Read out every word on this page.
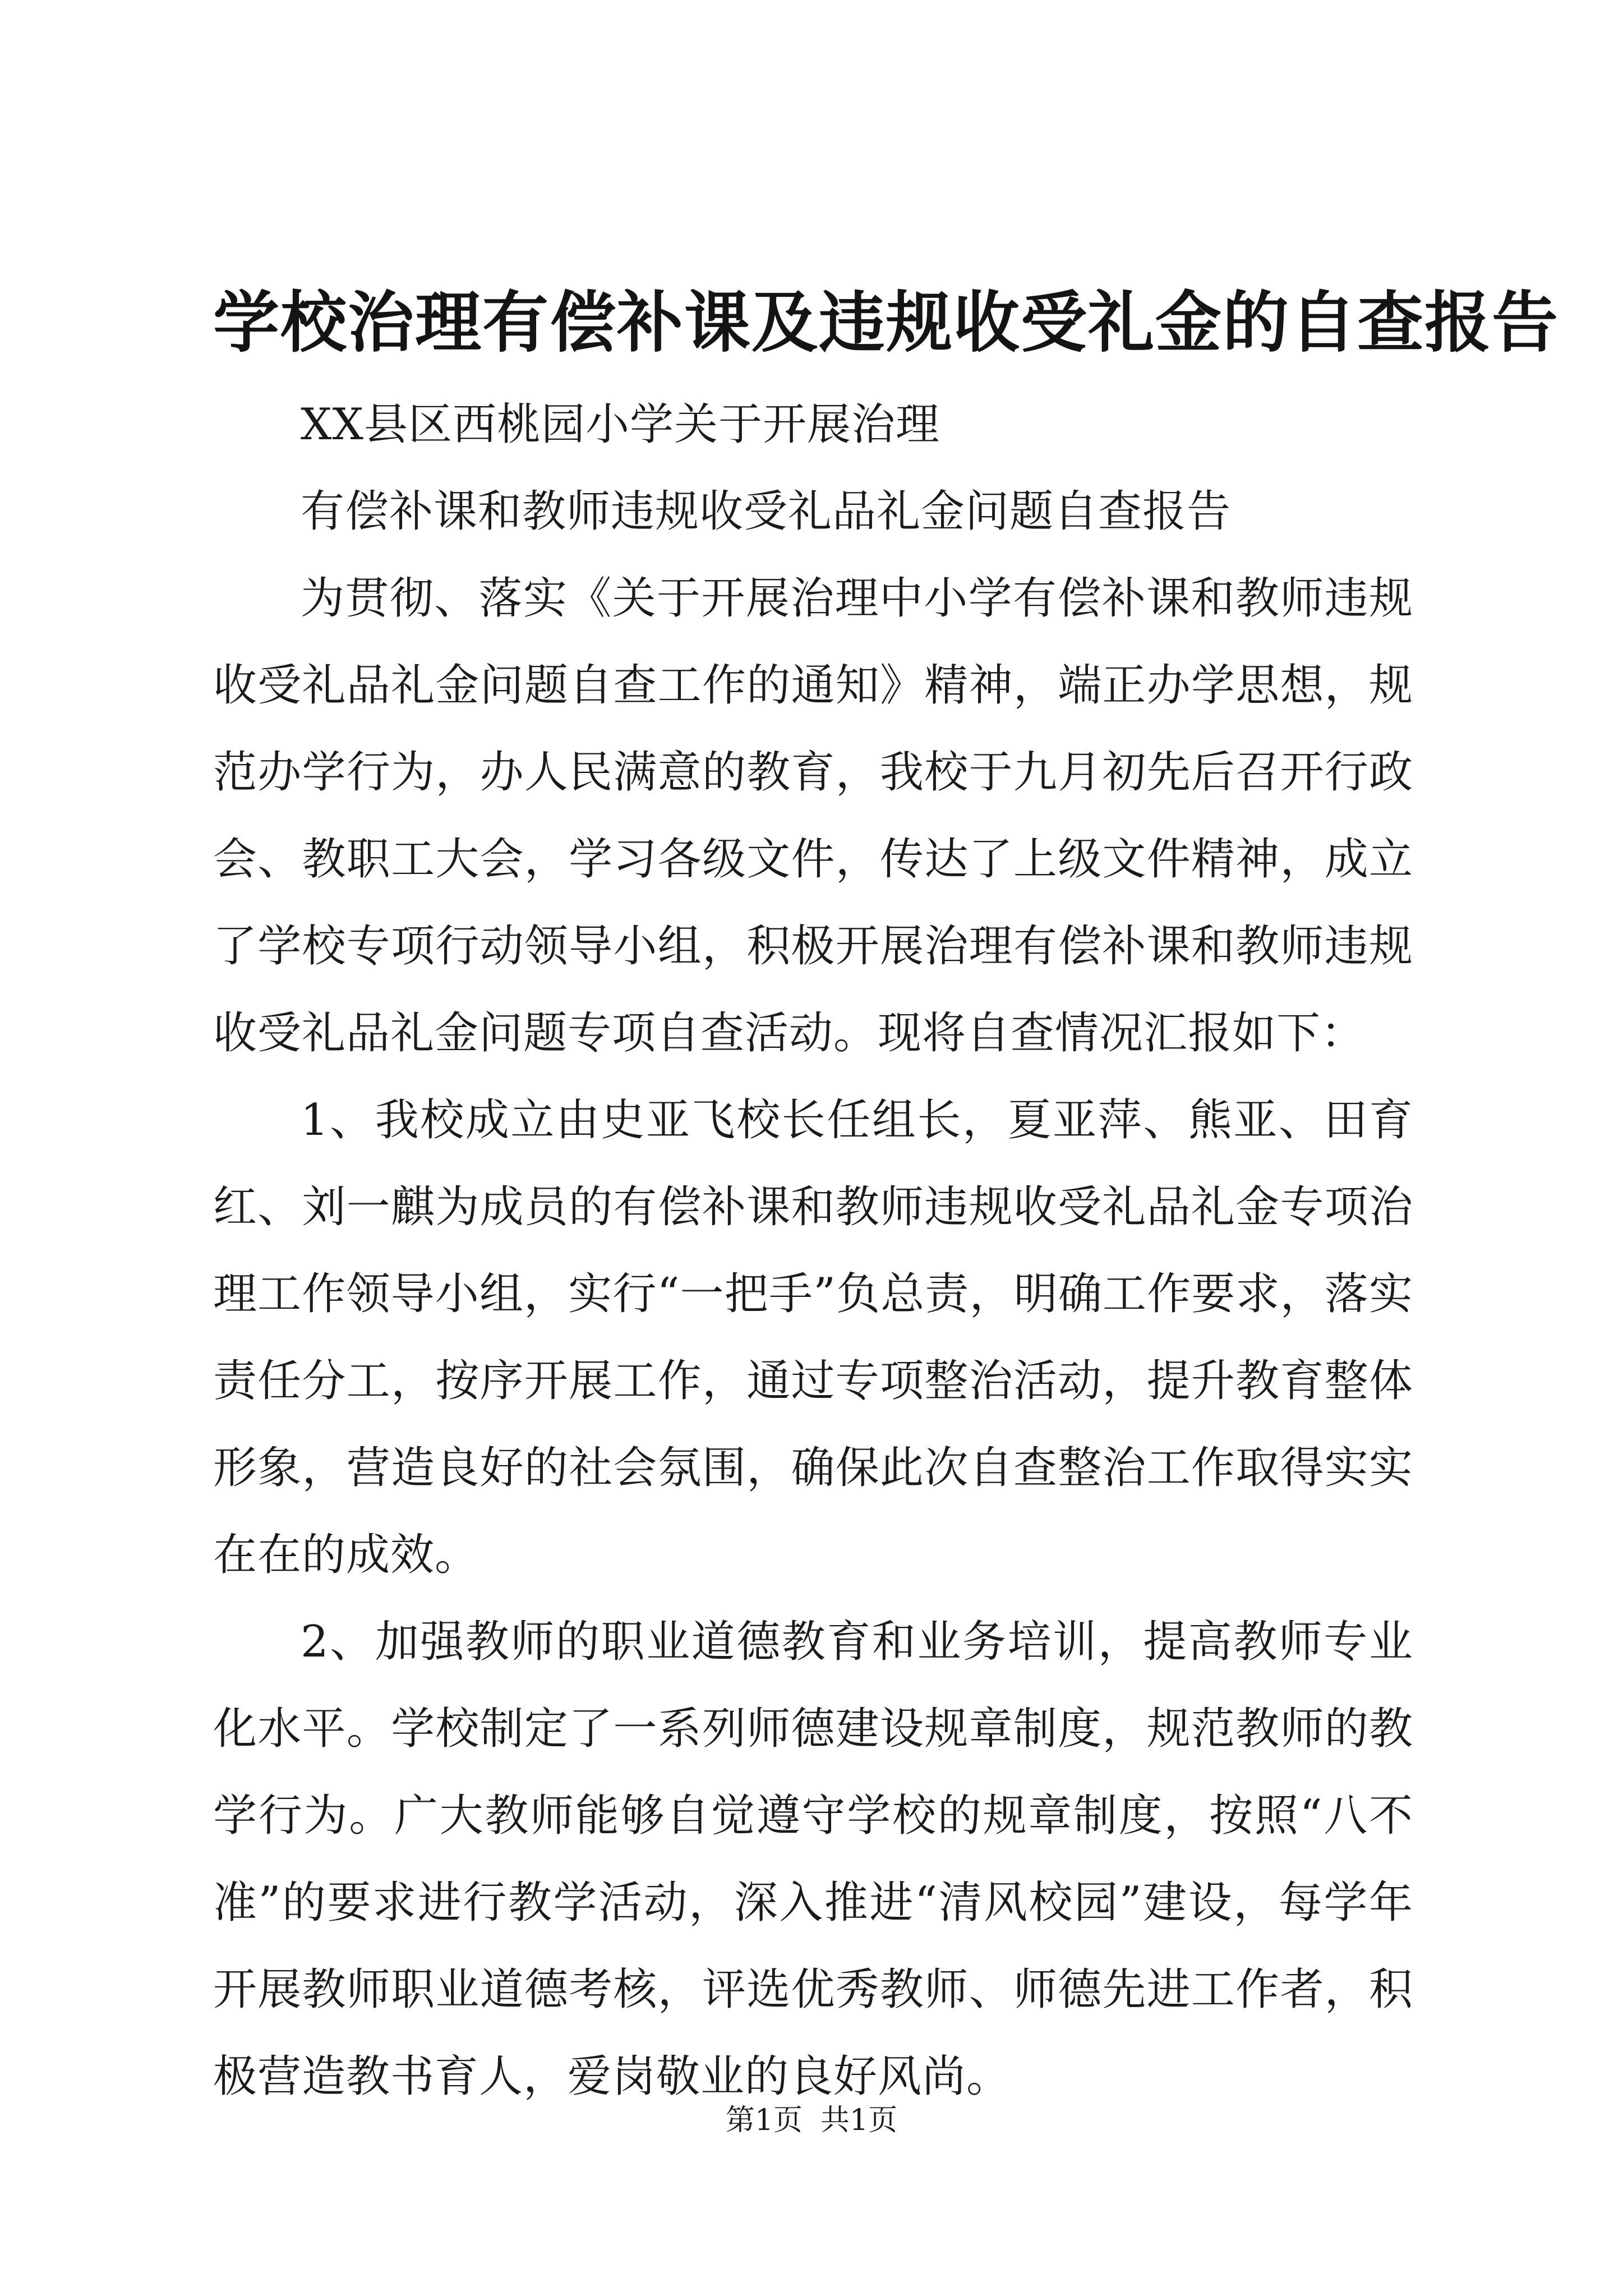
学校治理有偿补课及违规收受礼金的自查报告

XX县区西桃园小学关于开展治理

有偿补课和教师违规收受礼品礼金问题自查报告

为贯彻、落实《关于开展治理中小学有偿补课和教师违规收受礼品礼金问题自查工作的通知》精神，端正办学思想，规范办学行为，办人民满意的教育，我校于九月初先后召开行政会、教职工大会，学习各级文件，传达了上级文件精神，成立了学校专项行动领导小组，积极开展治理有偿补课和教师违规收受礼品礼金问题专项自查活动。现将自查情况汇报如下：

1、我校成立由史亚飞校长任组长，夏亚萍、熊亚、田育红、刘一麒为成员的有偿补课和教师违规收受礼品礼金专项治理工作领导小组，实行“一把手”负总责，明确工作要求，落实责任分工，按序开展工作，通过专项整治活动，提升教育整体形象，营造良好的社会氛围，确保此次自查整治工作取得实实在在的成效。

2、加强教师的职业道德教育和业务培训，提高教师专业化水平。学校制定了一系列师德建设规章制度，规范教师的教学行为。广大教师能够自觉遵守学校的规章制度，按照“八不准”的要求进行教学活动，深入推进“清风校园”建设，每学年开展教师职业道德考核，评选优秀教师、师德先进工作者，积极营造教书育人，爱岗敬业的良好风尚。

第1页 共1页
